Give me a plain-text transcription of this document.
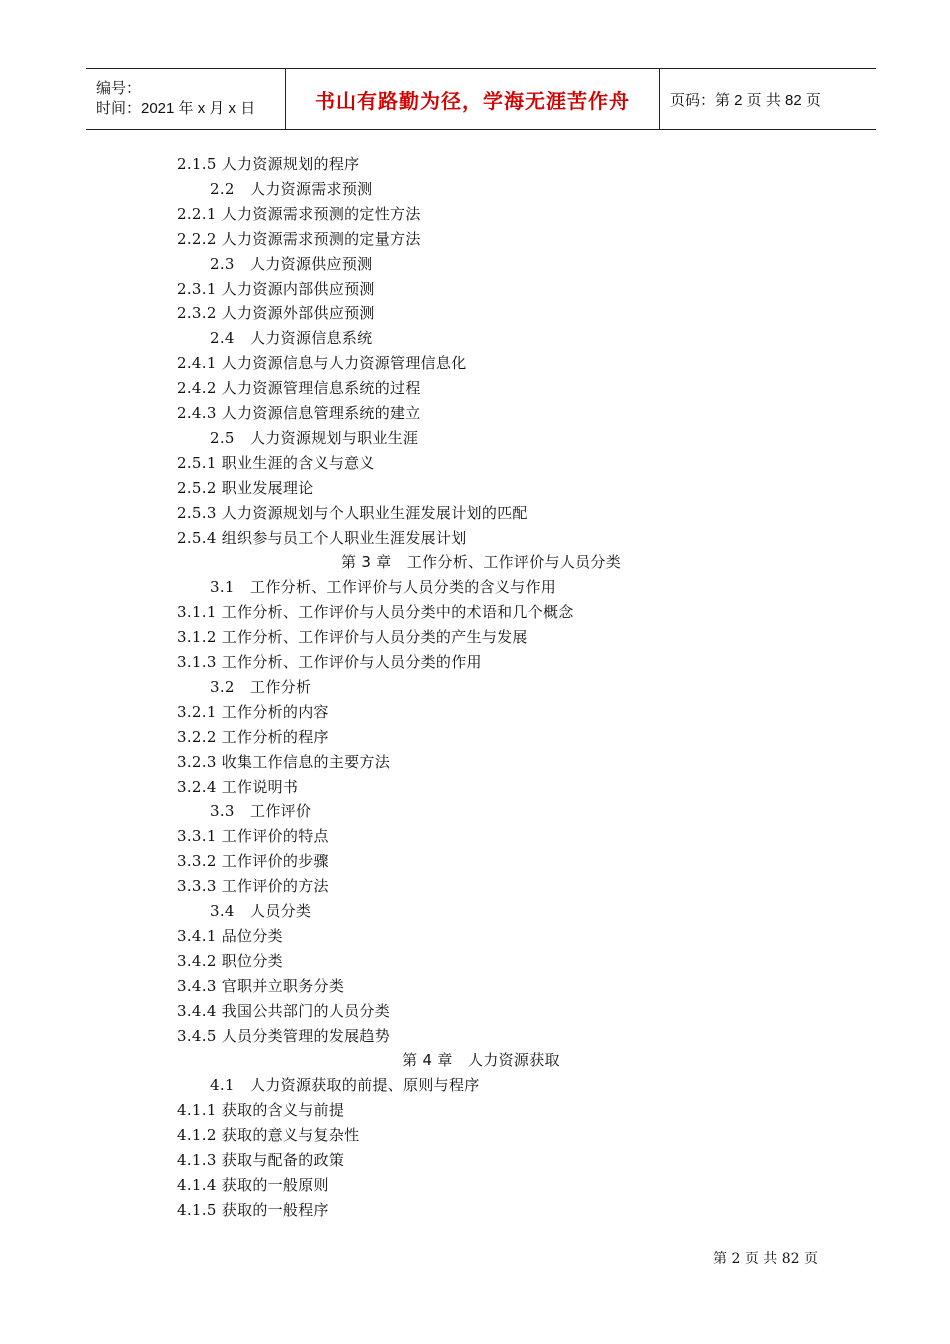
编号：
时间：2021 年 x 月 x 日	书山有路勤为径，学海无涯苦作舟	页码：第 2 页 共 82 页
2.1.5 人力资源规划的程序
2.2　人力资源需求预测
2.2.1 人力资源需求预测的定性方法
2.2.2 人力资源需求预测的定量方法
2.3　人力资源供应预测
2.3.1 人力资源内部供应预测
2.3.2 人力资源外部供应预测
2.4　人力资源信息系统
2.4.1 人力资源信息与人力资源管理信息化
2.4.2 人力资源管理信息系统的过程
2.4.3 人力资源信息管理系统的建立
2.5　人力资源规划与职业生涯
2.5.1 职业生涯的含义与意义
2.5.2 职业发展理论
2.5.3 人力资源规划与个人职业生涯发展计划的匹配
2.5.4 组织参与员工个人职业生涯发展计划
第 3 章　工作分析、工作评价与人员分类
3.1　工作分析、工作评价与人员分类的含义与作用
3.1.1 工作分析、工作评价与人员分类中的术语和几个概念
3.1.2 工作分析、工作评价与人员分类的产生与发展
3.1.3 工作分析、工作评价与人员分类的作用
3.2　工作分析
3.2.1 工作分析的内容
3.2.2 工作分析的程序
3.2.3 收集工作信息的主要方法
3.2.4 工作说明书
3.3　工作评价
3.3.1 工作评价的特点
3.3.2 工作评价的步骤
3.3.3 工作评价的方法
3.4　人员分类
3.4.1 品位分类
3.4.2 职位分类
3.4.3 官职并立职务分类
3.4.4 我国公共部门的人员分类
3.4.5 人员分类管理的发展趋势
第 4 章　人力资源获取
4.1　人力资源获取的前提、原则与程序
4.1.1 获取的含义与前提
4.1.2 获取的意义与复杂性
4.1.3 获取与配备的政策
4.1.4 获取的一般原则
4.1.5 获取的一般程序
第 2 页 共 82 页
